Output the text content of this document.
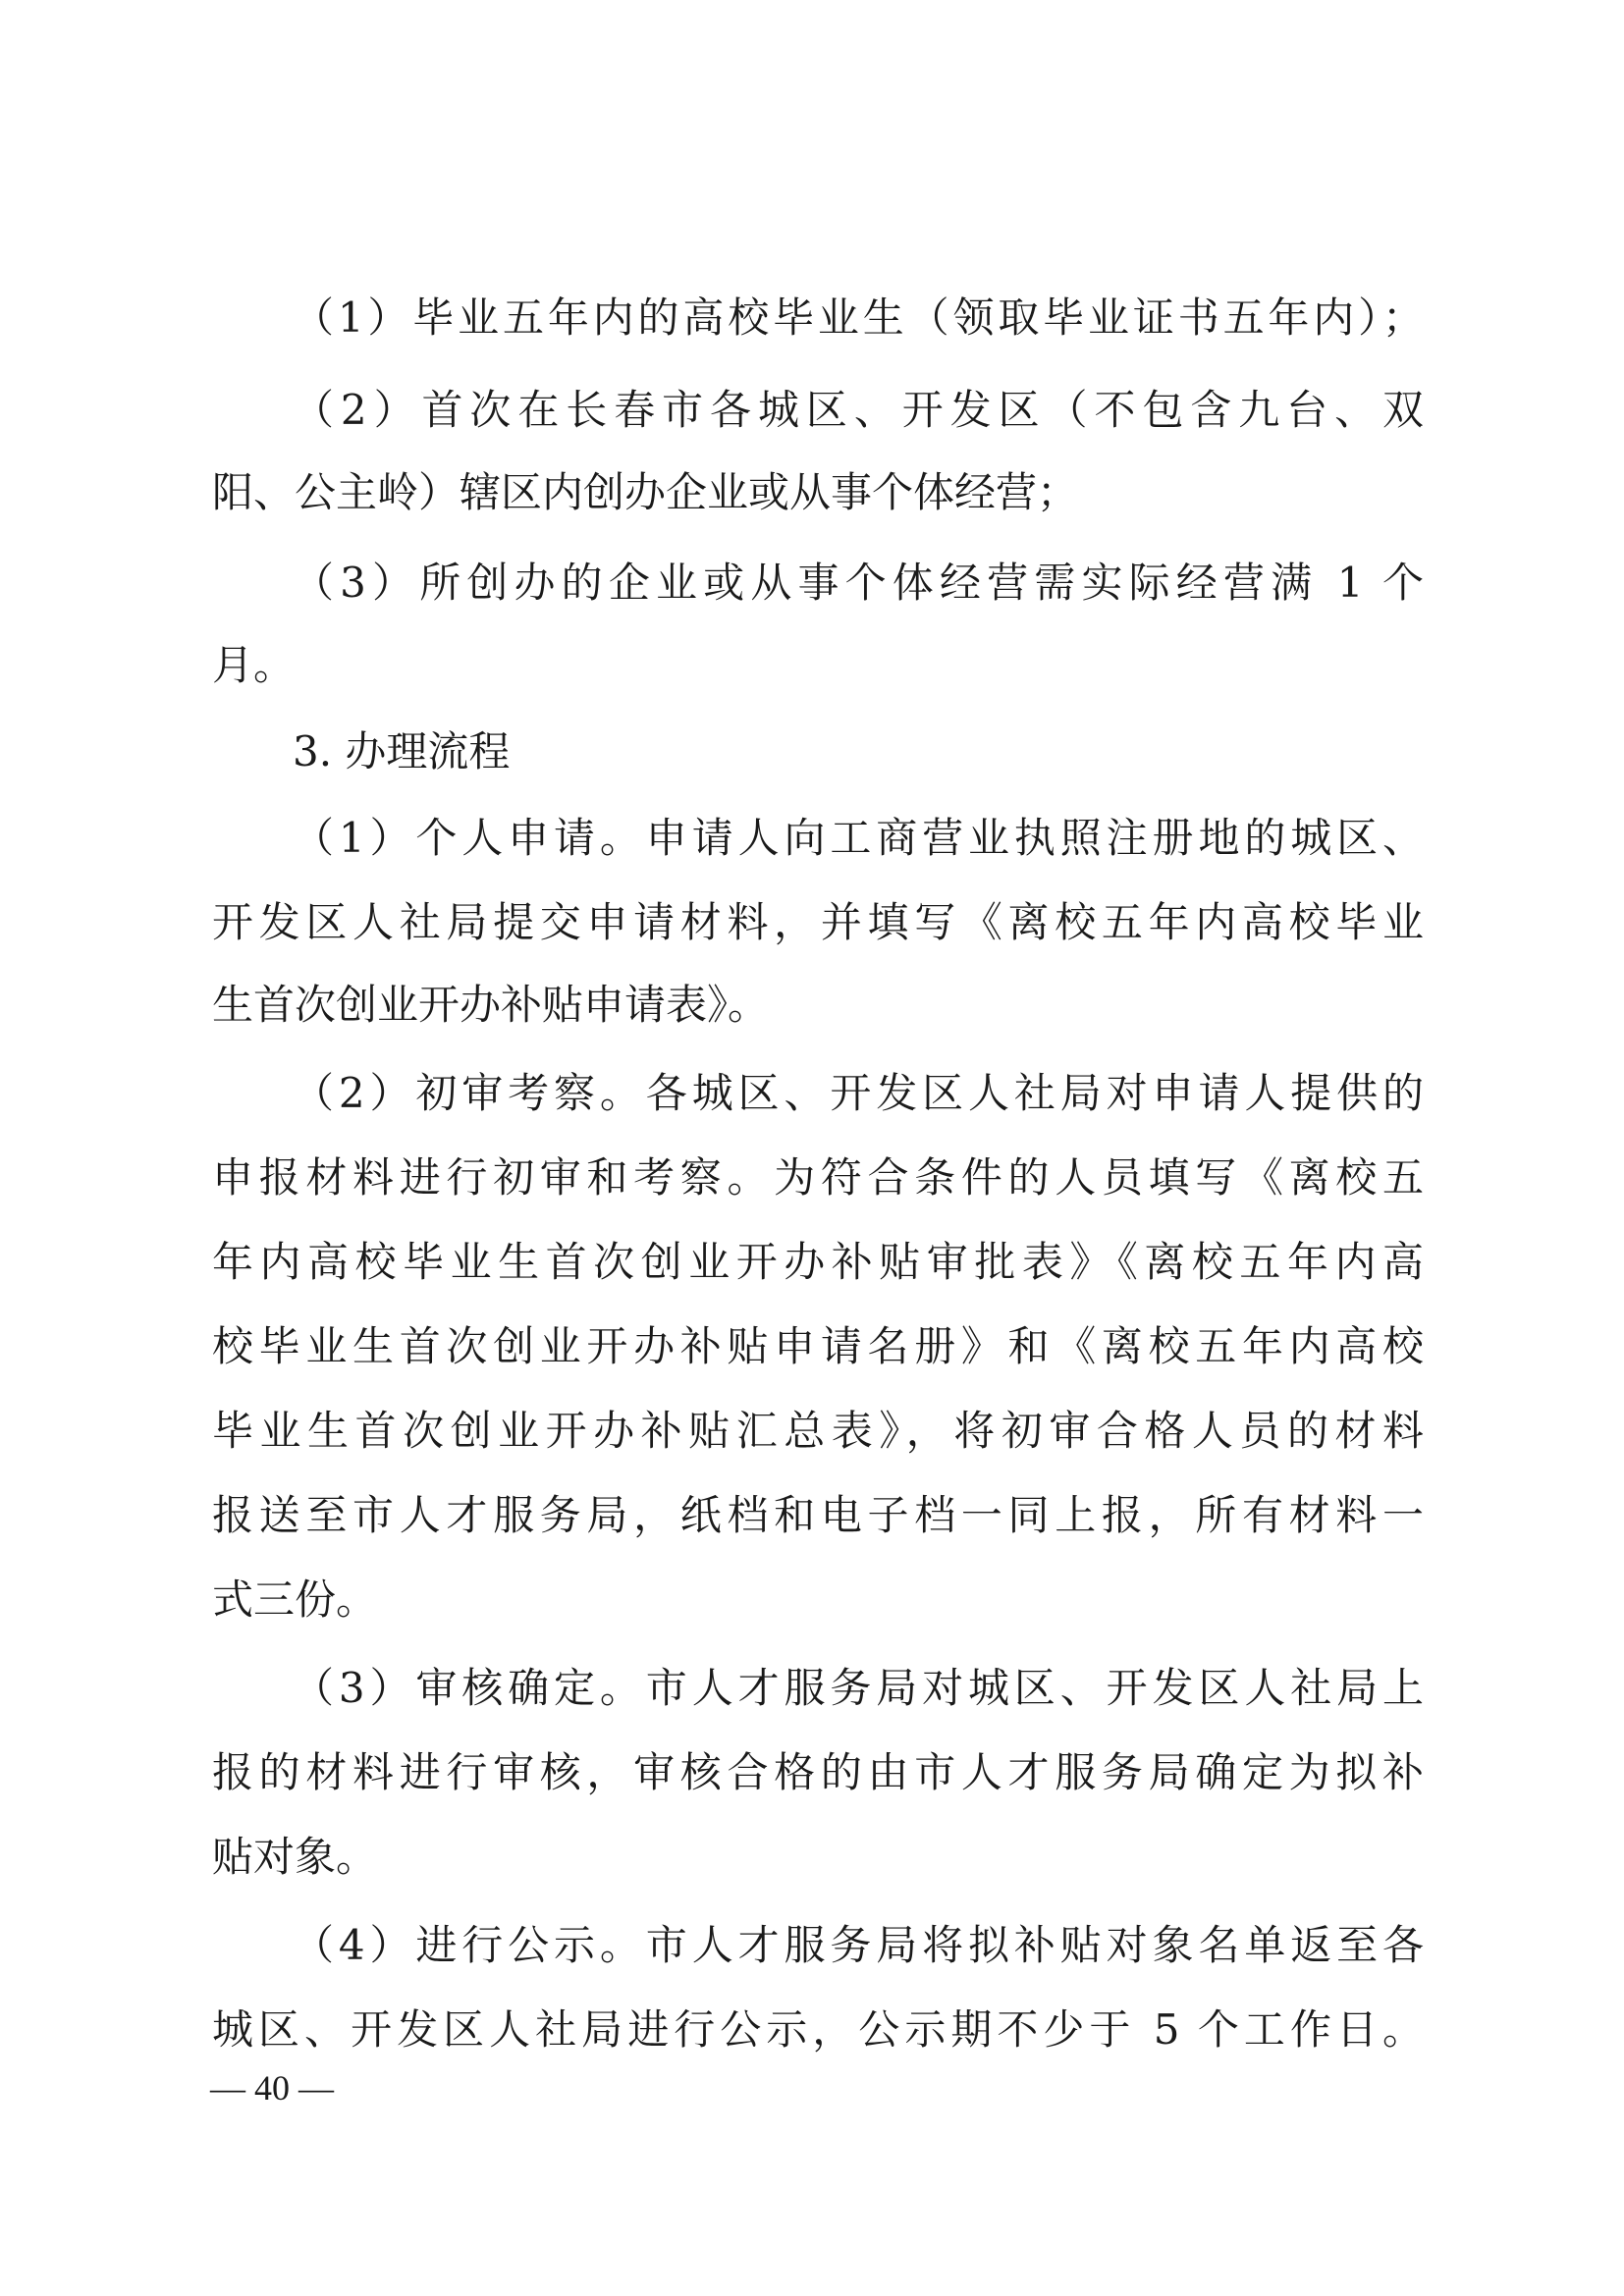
（1）毕业五年内的高校毕业生（领取毕业证书五年内）；
（2）首次在长春市各城区、开发区（不包含九台、双
阳、公主岭）辖区内创办企业或从事个体经营；
（3）所创办的企业或从事个体经营需实际经营满 1 个
月。
3. 办理流程
（1）个人申请。申请人向工商营业执照注册地的城区、
开发区人社局提交申请材料，并填写《离校五年内高校毕业
生首次创业开办补贴申请表》。
（2）初审考察。各城区、开发区人社局对申请人提供的
申报材料进行初审和考察。为符合条件的人员填写《离校五
年内高校毕业生首次创业开办补贴审批表》《离校五年内高
校毕业生首次创业开办补贴申请名册》和《离校五年内高校
毕业生首次创业开办补贴汇总表》，将初审合格人员的材料
报送至市人才服务局，纸档和电子档一同上报，所有材料一
式三份。
（3）审核确定。市人才服务局对城区、开发区人社局上
报的材料进行审核，审核合格的由市人才服务局确定为拟补
贴对象。
（4）进行公示。市人才服务局将拟补贴对象名单返至各
城区、开发区人社局进行公示，公示期不少于 5 个工作日。
— 40 —
